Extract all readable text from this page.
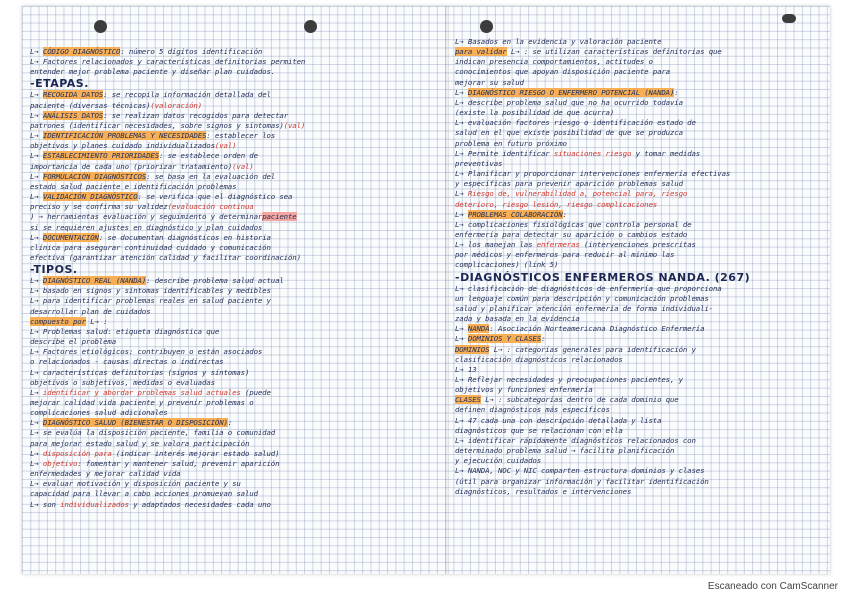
L→ CÓDIGO DIAGNÓSTICO: número 5 dígitos identificación
L→ Factores relacionados y características definitorias permiten
entender mejor problema paciente y diseñar plan cuidados.
-ETAPAS.
L→ RECOGIDA DATOS: se recopila información detallada del
paciente (diversas técnicas)(valoración)
L→ ANÁLISIS DATOS: se realizan datos recogidos para detectar
patrones (identificar necesidades, sobre signos y síntomas)(val)
L→ IDENTIFICACIÓN PROBLEMAS Y NECESIDADES: establecer los
objetivos y planes cuidado individualizados(val)
L→ ESTABLECIMIENTO PRIORIDADES: se establece orden de
importancia de cada uno (priorizar tratamiento)(val)
L→ FORMULACIÓN DIAGNÓSTICOS: se basa en la evaluación del
estado salud paciente e identificación problemas
L→ VALIDACIÓN DIAGNÓSTICO: se verifica que el diagnóstico sea
preciso y se confirma su validez(evaluación continua
) → herramientas evaluación y seguimiento y determinarpaciente
si se requieren ajustes en diagnóstico y plan cuidados
L→ DOCUMENTACIÓN: se documentan diagnósticos en historia
clínica para asegurar continuidad cuidado y comunicación
efectiva (garantizar atención calidad y facilitar coordinación)
-TIPOS.
L→ DIAGNÓSTICO REAL (NANDA): describe problema salud actual
L→ basado en signos y síntomas identificables y medibles
L→ para identificar problemas reales en salud paciente y
desarrollar plan de cuidados
compuesto por L→ :
L→ Problemas salud: etiqueta diagnóstica que
describe el problema
L→ Factores etiológicos: contribuyen o están asociados
o relacionados - causas directas o indirectas
L→ características definitorias (signos y síntomas)
objetivos o subjetivos, medidas o evaluadas
L→ identificar y abordar problemas salud actuales (puede
mejorar calidad vida paciente y prevenir problemas o
complicaciones salud adicionales
L→ DIAGNÓSTICO SALUD (BIENESTAR O DISPOSICIÓN):
L→ se evalúa la disposición paciente, familia o comunidad
para mejorar estado salud y se valora participación
L→ disposición para (indicar interés mejorar estado salud)
L→ objetivo: fomentar y mantener salud, prevenir aparición
enfermedades y mejorar calidad vida
L→ evaluar motivación y disposición paciente y su
capacidad para llevar a cabo acciones promuevan salud
L→ son individualizados y adaptados necesidades cada uno
L→ Basados en la evidencia y valoración paciente
para validar L→ : se utilizan características definitorias que
indican presencia comportamientos, actitudes o
conocimientos que apoyan disposición paciente para
mejorar su salud
L→ DIAGNÓSTICO RIESGO O ENFERMERO POTENCIAL (NANDA):
L→ describe problema salud que no ha ocurrido todavía
(existe la posibilidad de que ocurra)
L→ evaluación factores riesgo o identificación estado de
salud en el que existe posibilidad de que se produzca
problema en futuro próximo
L→ Permite identificar situaciones riesgo y tomar medidas
preventivas
L→ Planificar y proporcionar intervenciones enfermería efectivas
y específicas para prevenir aparición problemas salud
L→ Riesgo de, vulnerabilidad a, potencial para, riesgo
deterioro, riesgo lesión, riesgo complicaciones
L→ PROBLEMAS COLABORACIÓN:
L→ complicaciones fisiológicas que controla personal de
enfermería para detectar su aparición o cambios estado
L→ los manejan las enfermeras (intervenciones prescritas
por médicos y enfermeros para reducir al mínimo las
complicaciones) (link 5)
-DIAGNÓSTICOS ENFERMEROS NANDA. (267)
L→ clasificación de diagnósticos de enfermería que proporciona
un lenguaje común para descripción y comunicación problemas
salud y planificar atención enfermería de forma individuali-
zada y basada en la evidencia
L→ NANDA: Asociación Norteamericana Diagnóstico Enfermería
L→ DOMINIOS Y CLASES:
DOMINIOS L→ : categorías generales para identificación y
clasificación diagnósticos relacionados
L→ 13
L→ Reflejar necesidades y preocupaciones pacientes, y
objetivos y funciones enfermería
CLASES L→ : subcategorías dentro de cada dominio que
definen diagnósticos más específicos
L→ 47 cada una con descripción detallada y lista
diagnósticos que se relacionan con ella
L→ identificar rápidamente diagnósticos relacionados con
determinado problema salud → facilita planificación
y ejecución cuidados
L→ NANDA, NOC y NIC comparten estructura dominios y clases
(útil para organizar información y facilitar identificación
diagnósticos, resultados e intervenciones
Escaneado con CamScanner
